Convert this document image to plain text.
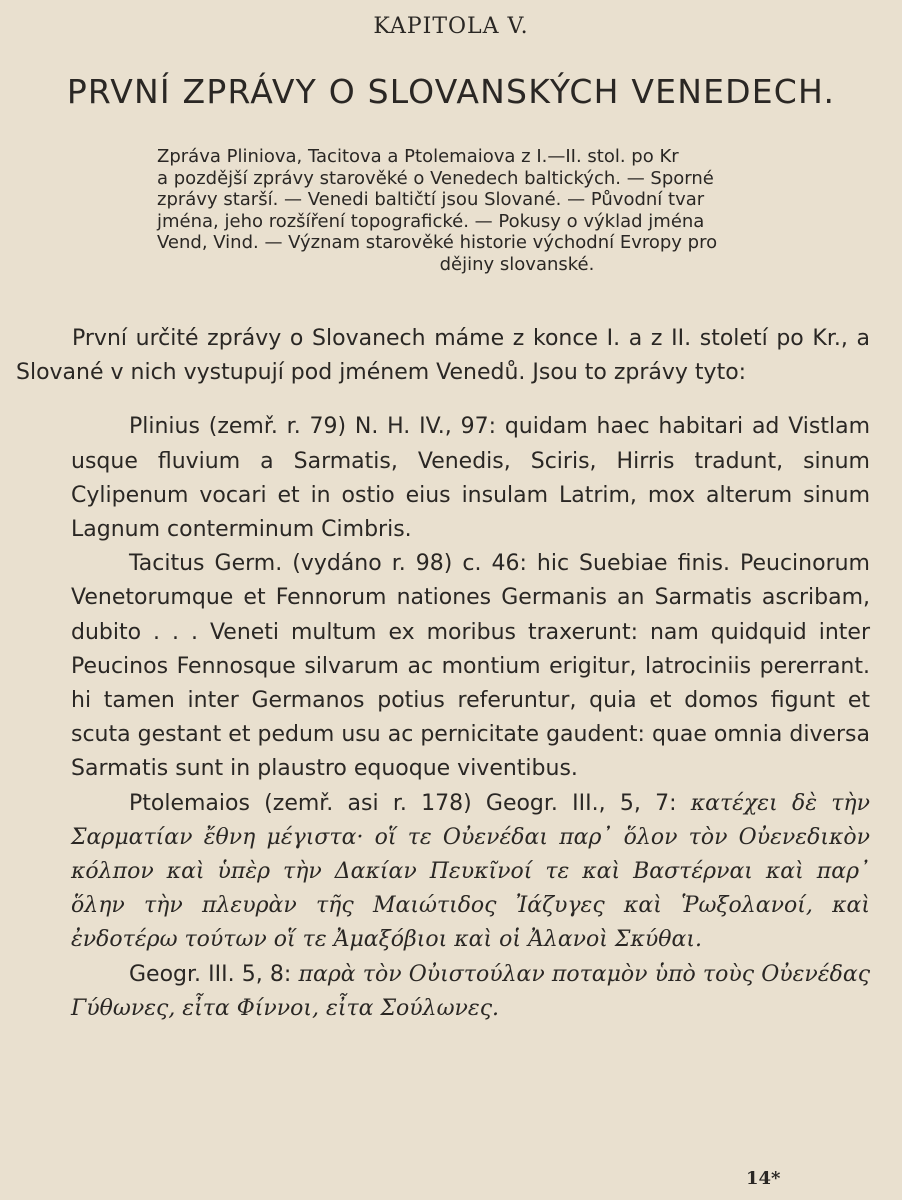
KAPITOLA V.
PRVNÍ ZPRÁVY O SLOVANSKÝCH VENEDECH.
Zpráva Pliniova, Tacitova a Ptolemaiova z I.—II. stol. po Kr
a pozdější zprávy starověké o Venedech baltických. — Sporné
zprávy starší. — Venedi baltičtí jsou Slované. — Původní tvar
jména, jeho rozšíření topografické. — Pokusy o výklad jména
Vend, Vind. — Význam starověké historie východní Evropy pro
dějiny slovanské.

První určité zprávy o Slovanech máme z konce I. a z II. století po Kr., a Slované v nich vystupují pod jménem Venedů. Jsou to zprávy tyto:

Plinius (zemř. r. 79) N. H. IV., 97: quidam haec habitari ad Vistlam usque fluvium a Sarmatis, Venedis, Sciris, Hirris tradunt, sinum Cylipenum vocari et in ostio eius insulam Latrim, mox alterum sinum Lagnum conterminum Cimbris.

Tacitus Germ. (vydáno r. 98) c. 46: hic Suebiae finis. Peucinorum Venetorumque et Fennorum nationes Germanis an Sarmatis ascribam, dubito . . . Veneti multum ex moribus traxerunt: nam quidquid inter Peucinos Fennosque silvarum ac montium erigitur, latrociniis pererrant. hi tamen inter Germanos potius referuntur, quia et domos figunt et scuta gestant et pedum usu ac pernicitate gaudent: quae omnia diversa Sarmatis sunt in plaustro equoque viventibus.

Ptolemaios (zemř. asi r. 178) Geogr. III., 5, 7: κατέχει δὲ τὴν Σαρματίαν ἔθνη μέγιστα· οἵ τε Οὐενέδαι παρ᾽ ὅλον τὸν Οὐενεδικὸν κόλπον καὶ ὑπὲρ τὴν Δακίαν Πευκῖνοί τε καὶ Βαστέρναι καὶ παρ᾽ ὅλην τὴν πλευρὰν τῆς Μαιώτιδος Ἰάζυγες καὶ Ῥωξολανοί, καὶ ἐνδοτέρω τούτων οἵ τε Ἀμαξόβιοι καὶ οἱ Ἀλανοὶ Σκύθαι.

Geogr. III. 5, 8: παρὰ τὸν Οὐιστούλαν ποταμὸν ὑπὸ τοὺς Οὐενέδας Γύθωνες, εἶτα Φίννοι, εἶτα Σούλωνες.

14*
